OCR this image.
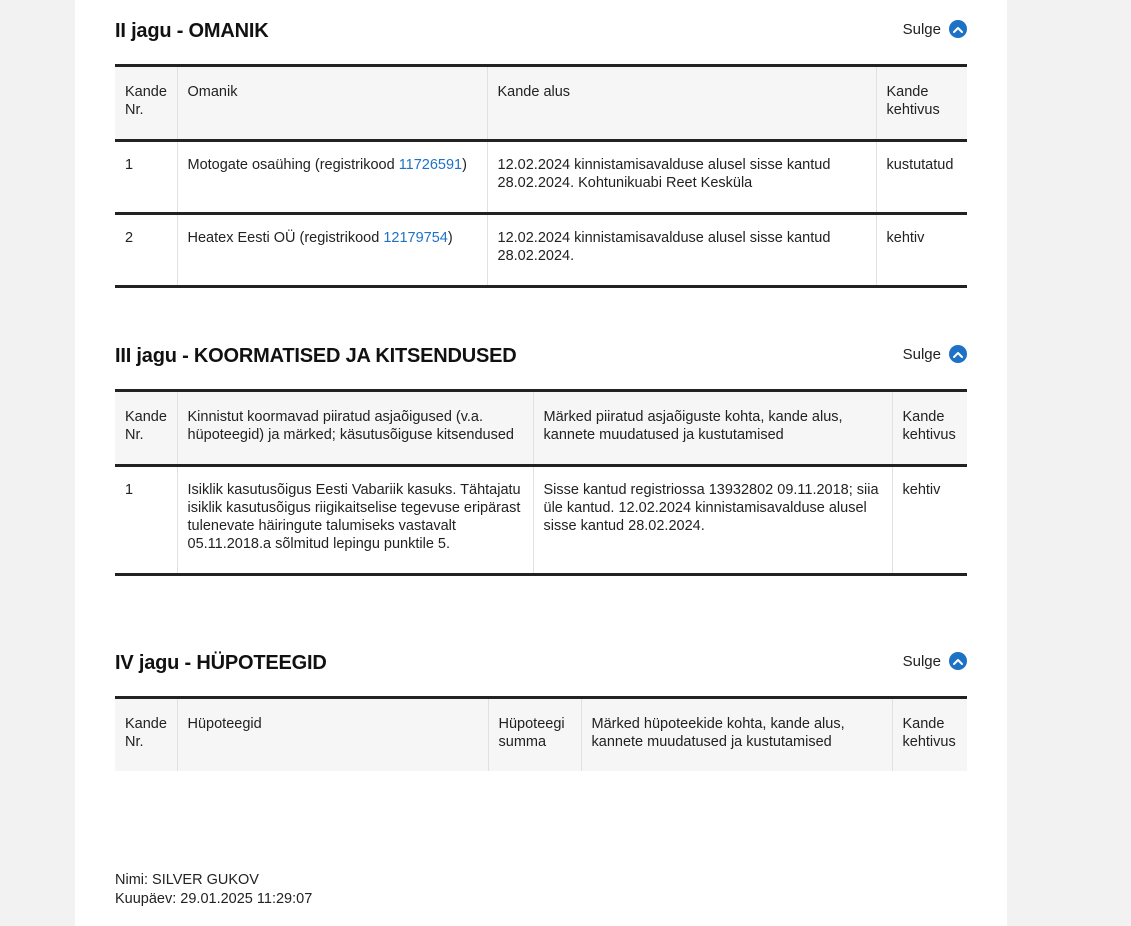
II jagu - OMANIK	Sulge
Kande Nr.	Omanik	Kande alus	Kande kehtivus
1	Motogate osaühing (registrikood 11726591)	12.02.2024 kinnistamisavalduse alusel sisse kantud 28.02.2024. Kohtunikuabi Reet Kesküla	kustutatud
2	Heatex Eesti OÜ (registrikood 12179754)	12.02.2024 kinnistamisavalduse alusel sisse kantud 28.02.2024.	kehtiv
III jagu - KOORMATISED JA KITSENDUSED	Sulge
Kande Nr.	Kinnistut koormavad piiratud asjaõigused (v.a. hüpoteegid) ja märked; käsutusõiguse kitsendused	Märked piiratud asjaõiguste kohta, kande alus, kannete muudatused ja kustutamised	Kande kehtivus
1	Isiklik kasutusõigus Eesti Vabariik kasuks. Tähtajatu isiklik kasutusõigus riigikaitselise tegevuse eripärast tulenevate häiringute talumiseks vastavalt 05.11.2018.a sõlmitud lepingu punktile 5.	Sisse kantud registriossa 13932802 09.11.2018; siia üle kantud. 12.02.2024 kinnistamisavalduse alusel sisse kantud 28.02.2024.	kehtiv
IV jagu - HÜPOTEEGID	Sulge
Kande Nr.	Hüpoteegid	Hüpoteegi summa	Märked hüpoteekide kohta, kande alus, kannete muudatused ja kustutamised	Kande kehtivus
Nimi: SILVER GUKOV
Kuupäev: 29.01.2025 11:29:07
